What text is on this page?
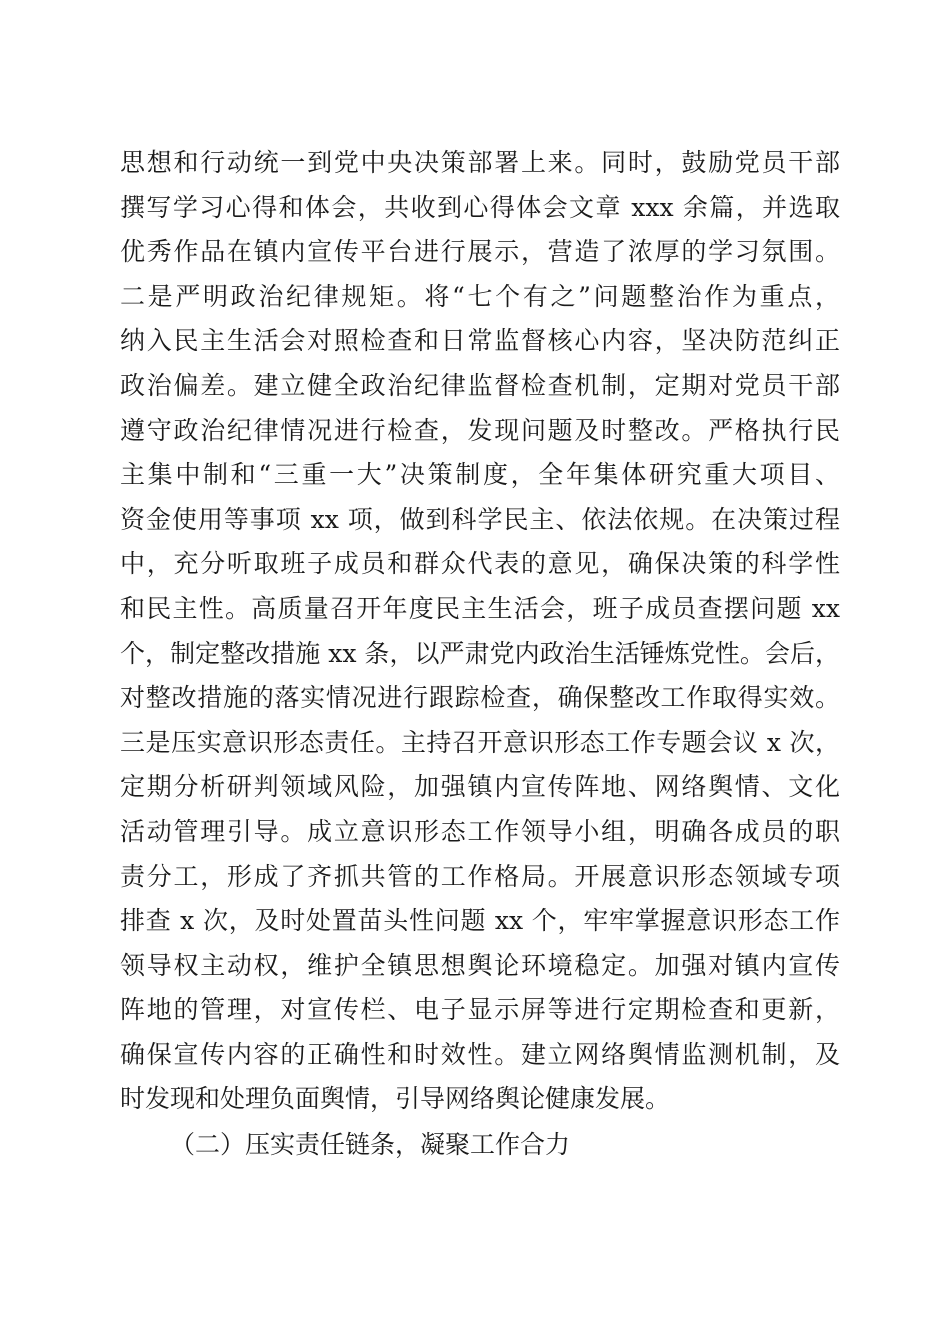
思想和行动统一到党中央决策部署上来。同时，鼓励党员干部
撰写学习心得和体会，共收到心得体会文章 xxx 余篇，并选取
优秀作品在镇内宣传平台进行展示，营造了浓厚的学习氛围。
二是严明政治纪律规矩。将“七个有之”问题整治作为重点，
纳入民主生活会对照检查和日常监督核心内容，坚决防范纠正
政治偏差。建立健全政治纪律监督检查机制，定期对党员干部
遵守政治纪律情况进行检查，发现问题及时整改。严格执行民
主集中制和“三重一大”决策制度，全年集体研究重大项目、
资金使用等事项 xx 项，做到科学民主、依法依规。在决策过程
中，充分听取班子成员和群众代表的意见，确保决策的科学性
和民主性。高质量召开年度民主生活会，班子成员查摆问题 xx
个，制定整改措施 xx 条，以严肃党内政治生活锤炼党性。会后，
对整改措施的落实情况进行跟踪检查，确保整改工作取得实效。
三是压实意识形态责任。主持召开意识形态工作专题会议 x 次，
定期分析研判领域风险，加强镇内宣传阵地、网络舆情、文化
活动管理引导。成立意识形态工作领导小组，明确各成员的职
责分工，形成了齐抓共管的工作格局。开展意识形态领域专项
排查 x 次，及时处置苗头性问题 xx 个，牢牢掌握意识形态工作
领导权主动权，维护全镇思想舆论环境稳定。加强对镇内宣传
阵地的管理，对宣传栏、电子显示屏等进行定期检查和更新，
确保宣传内容的正确性和时效性。建立网络舆情监测机制，及
时发现和处理负面舆情，引导网络舆论健康发展。
（二）压实责任链条，凝聚工作合力
